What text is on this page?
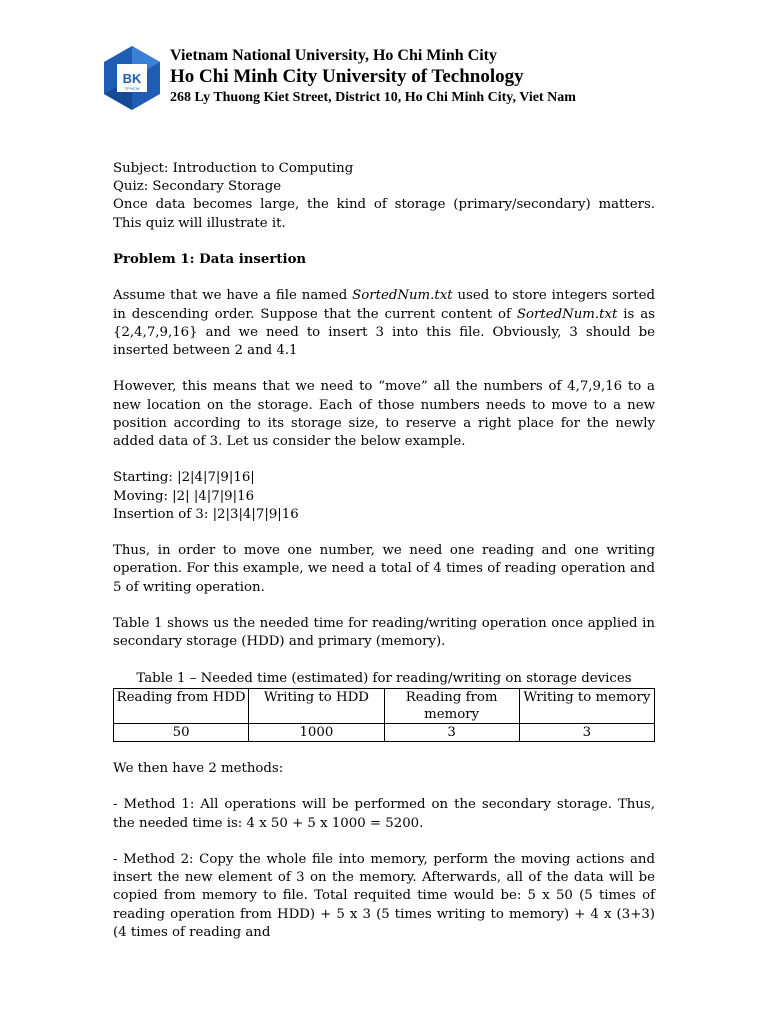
BK
TP.HCM
Vietnam National University, Ho Chi Minh City
Ho Chi Minh City University of Technology
268 Ly Thuong Kiet Street, District 10, Ho Chi Minh City, Viet Nam

Subject: Introduction to Computing

Quiz: Secondary Storage

Once data becomes large, the kind of storage (primary/secondary) matters. This quiz will illustrate it.

Problem 1: Data insertion

Assume that we have a file named SortedNum.txt used to store integers sorted in descending order. Suppose that the current content of SortedNum.txt is as {2,4,7,9,16} and we need to insert 3 into this file. Obviously, 3 should be inserted between 2 and 4.1

However, this means that we need to “move” all the numbers of 4,7,9,16 to a new location on the storage. Each of those numbers needs to move to a new position according to its storage size, to reserve a right place for the newly added data of 3. Let us consider the below example.

Starting: |2|4|7|9|16|

Moving: |2| |4|7|9|16

Insertion of 3: |2|3|4|7|9|16

Thus, in order to move one number, we need one reading and one writing operation. For this example, we need a total of 4 times of reading operation and 5 of writing operation.

Table 1 shows us the needed time for reading/writing operation once applied in secondary storage (HDD) and primary (memory).

Table 1 – Needed time (estimated) for reading/writing on storage devices

Reading from HDD	Writing to HDD	Reading from memory	Writing to memory
50	1000	3	3

We then have 2 methods:

- Method 1: All operations will be performed on the secondary storage. Thus, the needed time is: 4 x 50 + 5 x 1000 = 5200.

- Method 2: Copy the whole file into memory, perform the moving actions and insert the new element of 3 on the memory. Afterwards, all of the data will be copied from memory to file. Total requited time would be: 5 x 50 (5 times of reading operation from HDD) + 5 x 3 (5 times writing to memory) + 4 x (3+3) (4 times of reading and
